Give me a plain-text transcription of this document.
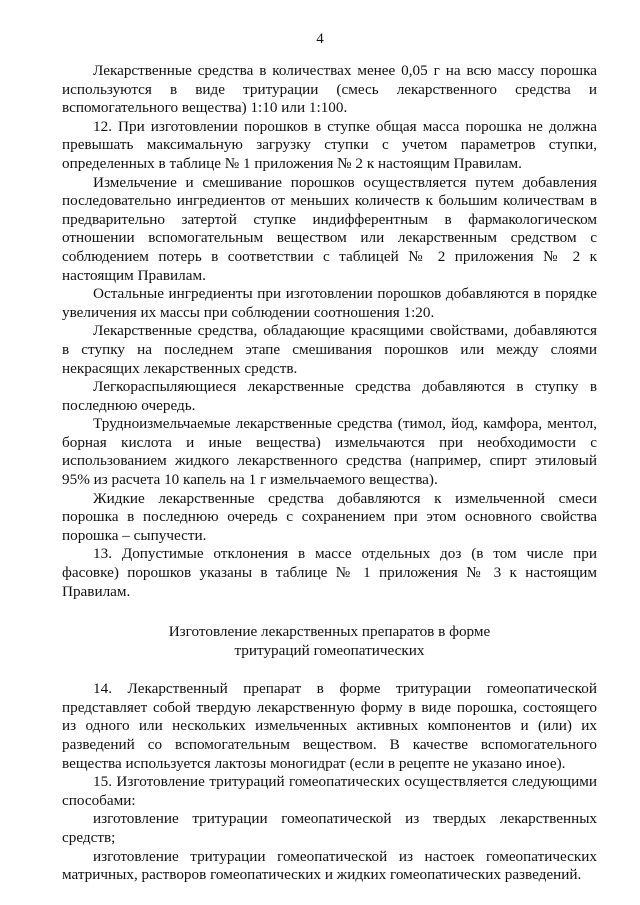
4

Лекарственные средства в количествах менее 0,05 г на всю массу порошка используются в виде тритурации (смесь лекарственного средства и вспомогательного вещества) 1:10 или 1:100.

12. При изготовлении порошков в ступке общая масса порошка не должна превышать максимальную загрузку ступки с учетом параметров ступки, определенных в таблице № 1 приложения № 2 к настоящим Правилам.

Измельчение и смешивание порошков осуществляется путем добавления последовательно ингредиентов от меньших количеств к большим количествам в предварительно затертой ступке индифферентным в фармакологическом отношении вспомогательным веществом или лекарственным средством с соблюдением потерь в соответствии с таблицей № 2 приложения № 2 к настоящим Правилам.

Остальные ингредиенты при изготовлении порошков добавляются в порядке увеличения их массы при соблюдении соотношения 1:20.

Лекарственные средства, обладающие красящими свойствами, добавляются в ступку на последнем этапе смешивания порошков или между слоями некрасящих лекарственных средств.

Легкораспыляющиеся лекарственные средства добавляются в ступку в последнюю очередь.

Трудноизмельчаемые лекарственные средства (тимол, йод, камфора, ментол, борная кислота и иные вещества) измельчаются при необходимости с использованием жидкого лекарственного средства (например, спирт этиловый 95% из расчета 10 капель на 1 г измельчаемого вещества).

Жидкие лекарственные средства добавляются к измельченной смеси порошка в последнюю очередь с сохранением при этом основного свойства порошка – сыпучести.

13. Допустимые отклонения в массе отдельных доз (в том числе при фасовке) порошков указаны в таблице № 1 приложения № 3 к настоящим Правилам.

Изготовление лекарственных препаратов в форме
тритураций гомеопатических

14. Лекарственный препарат в форме тритурации гомеопатической представляет собой твердую лекарственную форму в виде порошка, состоящего из одного или нескольких измельченных активных компонентов и (или) их разведений со вспомогательным веществом. В качестве вспомогательного вещества используется лактозы моногидрат (если в рецепте не указано иное).

15. Изготовление тритураций гомеопатических осуществляется следующими способами:

изготовление тритурации гомеопатической из твердых лекарственных средств;

изготовление тритурации гомеопатической из настоек гомеопатических матричных, растворов гомеопатических и жидких гомеопатических разведений.
